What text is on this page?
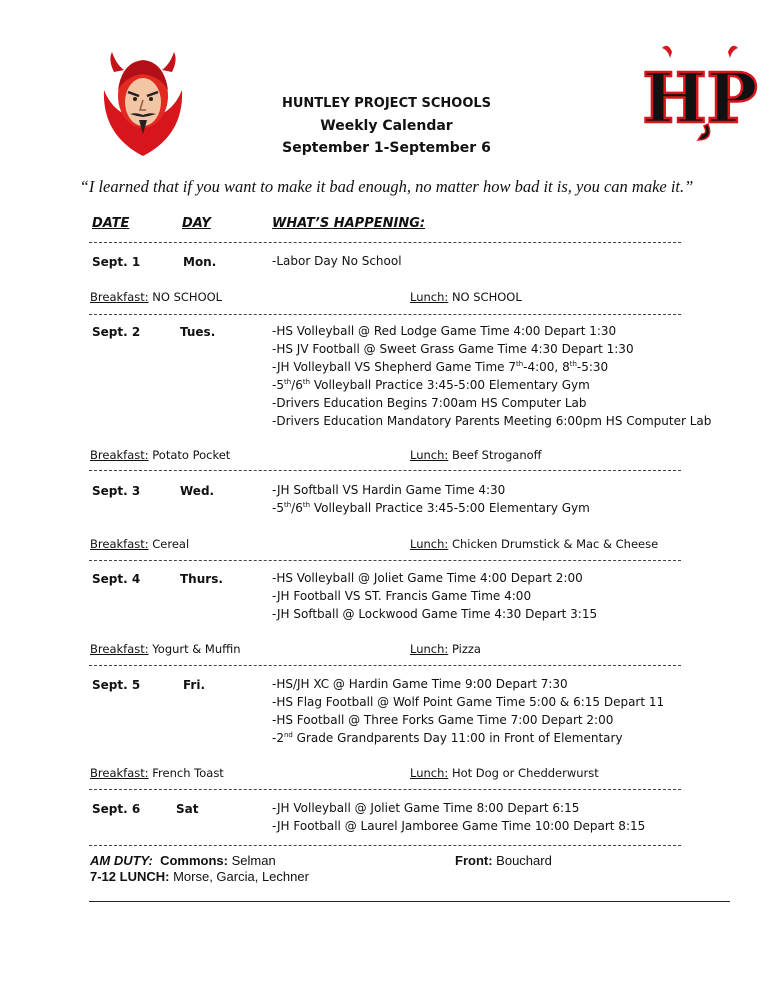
HP
HUNTLEY PROJECT SCHOOLS
Weekly Calendar
September 1-September 6
“I learned that if you want to make it bad enough, no matter how bad it is, you can make it.”
DATE	DAY	WHAT’S HAPPENING:
Sept. 1	Mon.	-Labor Day No School
Breakfast: NO SCHOOL	Lunch: NO SCHOOL
Sept. 2	Tues.	-HS Volleyball @ Red Lodge Game Time 4:00 Depart 1:30
-HS JV Football @ Sweet Grass Game Time 4:30 Depart 1:30
-JH Volleyball VS Shepherd Game Time 7th-4:00, 8th-5:30
-5th/6th Volleyball Practice 3:45-5:00 Elementary Gym
-Drivers Education Begins 7:00am HS Computer Lab
-Drivers Education Mandatory Parents Meeting 6:00pm HS Computer Lab
Breakfast: Potato Pocket	Lunch: Beef Stroganoff
Sept. 3	Wed.	-JH Softball VS Hardin Game Time 4:30
-5th/6th Volleyball Practice 3:45-5:00 Elementary Gym
Breakfast: Cereal	Lunch: Chicken Drumstick & Mac & Cheese
Sept. 4	Thurs.	-HS Volleyball @ Joliet Game Time 4:00 Depart 2:00
-JH Football VS ST. Francis Game Time 4:00
-JH Softball @ Lockwood Game Time 4:30 Depart 3:15
Breakfast: Yogurt & Muffin	Lunch: Pizza
Sept. 5	Fri.	-HS/JH XC @ Hardin Game Time 9:00 Depart 7:30
-HS Flag Football @ Wolf Point Game Time 5:00 & 6:15 Depart 11
-HS Football @ Three Forks Game Time 7:00 Depart 2:00
-2nd Grade Grandparents Day 11:00 in Front of Elementary
Breakfast: French Toast	Lunch: Hot Dog or Chedderwurst
Sept. 6	Sat	-JH Volleyball @ Joliet Game Time 8:00 Depart 6:15
-JH Football @ Laurel Jamboree Game Time 10:00 Depart 8:15
AM DUTY: Commons: Selman	Front: Bouchard
7-12 LUNCH: Morse, Garcia, Lechner
